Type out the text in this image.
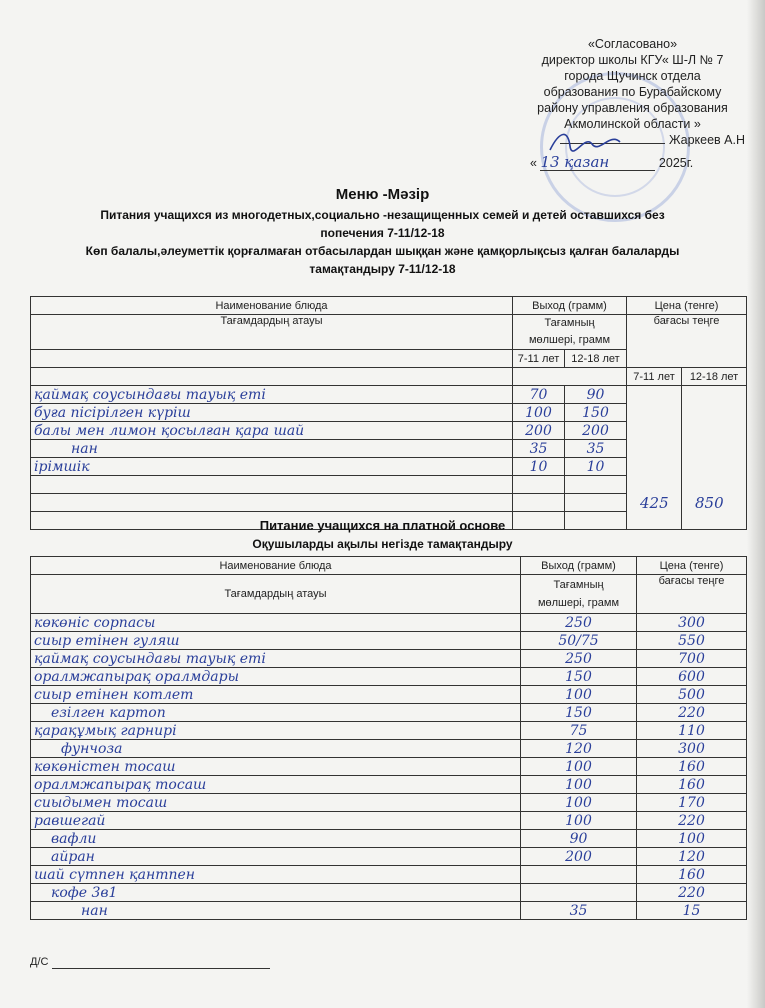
«Согласовано»
директор школы КГУ« Ш-Л № 7
города Щучинск отдела
образования по Бурабайскому
району управления образования
Акмолинской области »
Жаркеев А.Н
« 13 қазан	2025г.
Меню -Мәзір
Питания учащихся из многодетных,социально -незащищенных семей и детей оставшихся без
попечения 7-11/12-18
Көп балалы,әлеуметтік қорғалмаған отбасылардан шыққан және қамқорлықсыз қалған балаларды
тамақтандыру 7-11/12-18
Наименование блюда	Выход (грамм)		Цена (тенге)	
Тағамдардың атауы	Тағамның
мөлшері, грамм		бағасы теңге	
	7-11 лет	12-18 лет		
			7-11 лет	12-18 лет
қаймақ соусындағы тауық еті	70	90		
буға пісірілген күріш	100	150		
балы мен лимон қосылған қара шай	200	200		
нан	35	35		
ірімшік	10	10		

425 850
Питание учащихся на платной основе
Оқушыларды ақылы негізде тамақтандыру
Наименование блюда	Выход (грамм)	Цена (тенге)
Тағамдардың атауы	Тағамның
мөлшері, грамм	бағасы теңге
көкөніс сорпасы	250	300
сиыр етінен гуляш	50/75	550
қаймақ соусындағы тауық еті	250	700
оралмжапырақ оралмдары	150	600
сиыр етінен котлет	100	500
езілген картоп	150	220
қарақұмық гарнирі	75	110
фунчоза	120	300
көкөністен тосаш	100	160
оралмжапырақ тосаш	100	160
сиыдымен тосаш	100	170
равшегай	100	220
вафли	90	100
айран	200	120
шай сүтпен қантпен		160
кофе 3в1		220
нан	35	15
Д/С
